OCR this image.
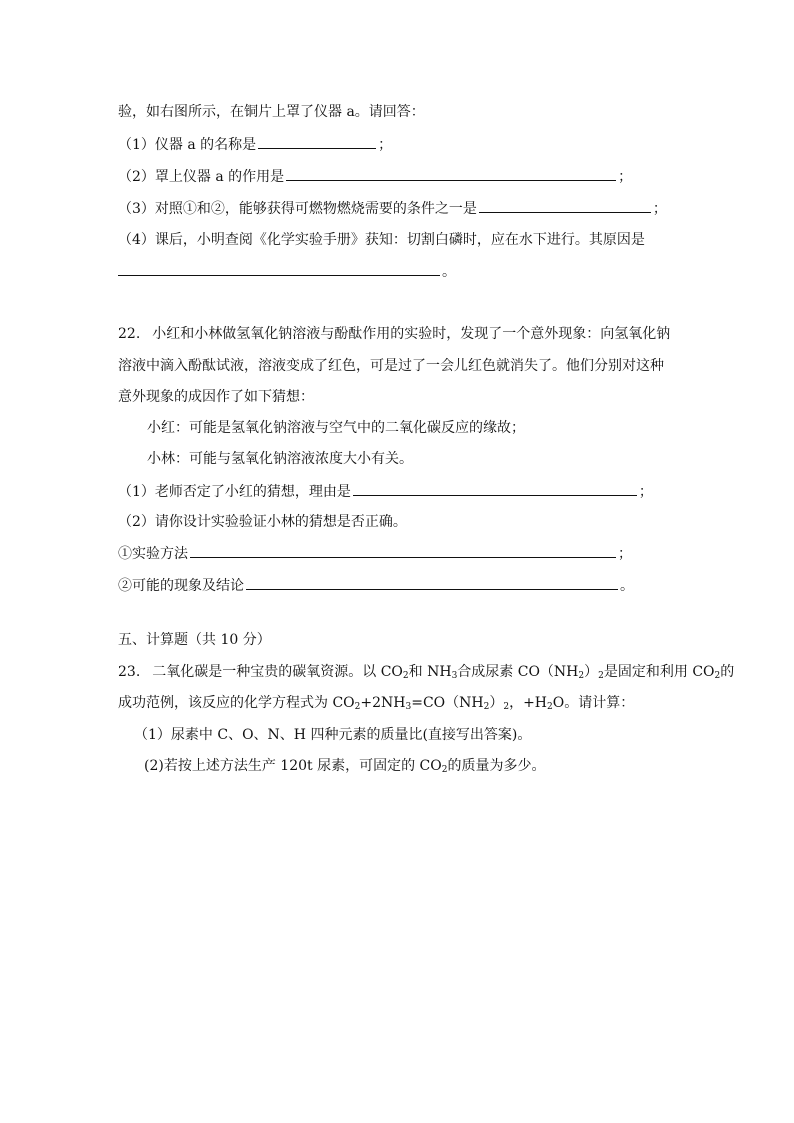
验，如右图所示，在铜片上罩了仪器 a。请回答：
（1）仪器 a 的名称是	；
（2）罩上仪器 a 的作用是	；
（3）对照①和②，能够获得可燃物燃烧需要的条件之一是	；
（4）课后，小明查阅《化学实验手册》获知：切割白磷时，应在水下进行。其原因是
。
22. 小红和小林做氢氧化钠溶液与酚酞作用的实验时，发现了一个意外现象：向氢氧化钠
溶液中滴入酚酞试液，溶液变成了红色，可是过了一会儿红色就消失了。他们分别对这种
意外现象的成因作了如下猜想：
小红：可能是氢氧化钠溶液与空气中的二氧化碳反应的缘故；
小林：可能与氢氧化钠溶液浓度大小有关。
（1）老师否定了小红的猜想，理由是	；
（2）请你设计实验验证小林的猜想是否正确。
①实验方法	；
②可能的现象及结论	。
五、计算题（共 10 分）
23. 二氧化碳是一种宝贵的碳氧资源。以 $CO_2$和 $NH_3$合成尿素 $CO(NH_2)_2$是固定和利用 $CO_2$的
成功范例，该反应的化学方程式为 $CO_2+2NH_3=CO(NH_2)_2$，$+H_2O$。请计算：
（1）尿素中 C、O、N、H 四种元素的质量比(直接写出答案)。
(2)若按上述方法生产 120t 尿素，可固定的 $CO_2$的质量为多少。
